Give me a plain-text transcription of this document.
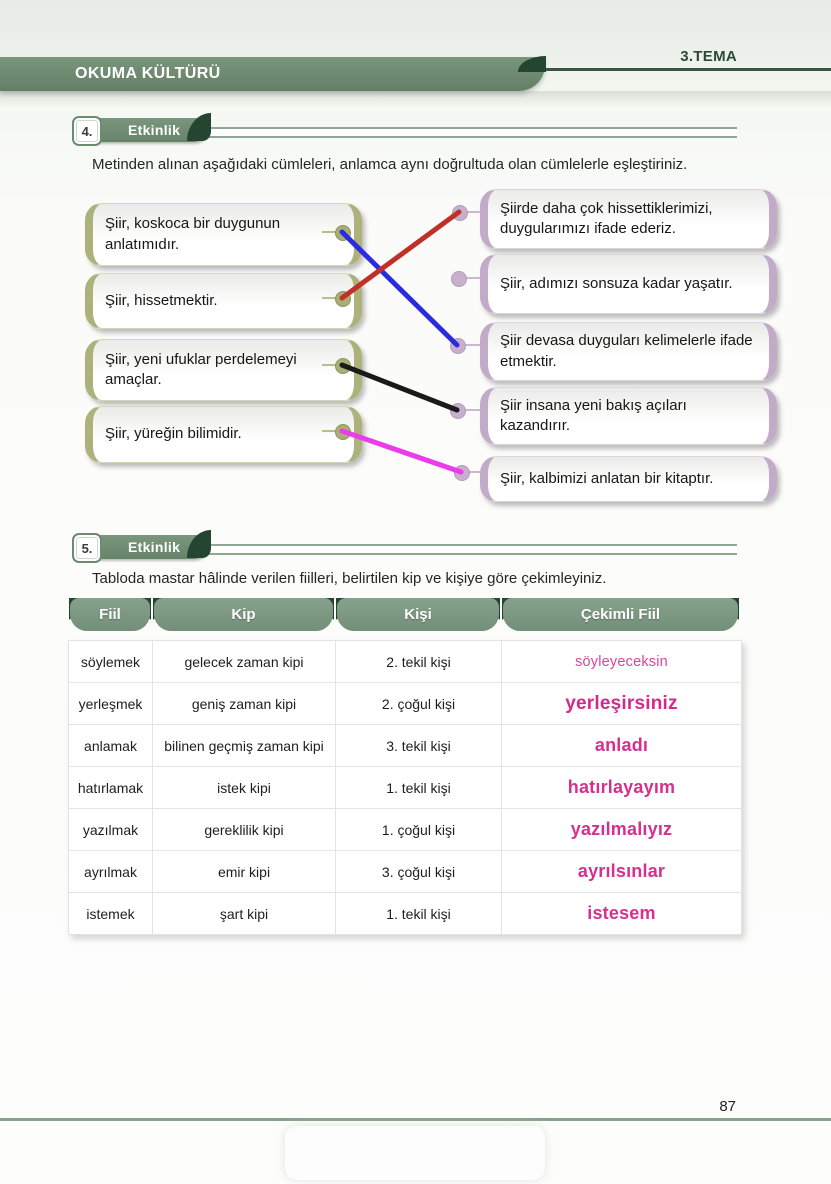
OKUMA KÜLTÜRÜ
3.TEMA
4.	Etkinlik
Metinden alınan aşağıdaki cümleleri, anlamca aynı doğrultuda olan cümlelerle eşleştiriniz.
Şiir, koskoca bir duygunun anlatımıdır.
Şiir, hissetmektir.
Şiir, yeni ufuklar perdelemeyi amaçlar.
Şiir, yüreğin bilimidir.
Şiirde daha çok hissettiklerimizi, duygularımızı ifade ederiz.
Şiir, adımızı sonsuza kadar yaşatır.
Şiir devasa duyguları kelimelerle ifade etmektir.
Şiir insana yeni bakış açıları kazandırır.
Şiir, kalbimizi anlatan bir kitaptır.
5.	Etkinlik
Tabloda mastar hâlinde verilen fiilleri, belirtilen kip ve kişiye göre çekimleyiniz.
Fiil	Kip	Kişi	Çekimli Fiil
söylemek	gelecek zaman kipi	2. tekil kişi	söyleyeceksin
yerleşmek	geniş zaman kipi	2. çoğul kişi	yerleşirsiniz
anlamak	bilinen geçmiş zaman kipi	3. tekil kişi	anladı
hatırlamak	istek kipi	1. tekil kişi	hatırlayayım
yazılmak	gereklilik kipi	1. çoğul kişi	yazılmalıyız
ayrılmak	emir kipi	3. çoğul kişi	ayrılsınlar
istemek	şart kipi	1. tekil kişi	istesem
87
